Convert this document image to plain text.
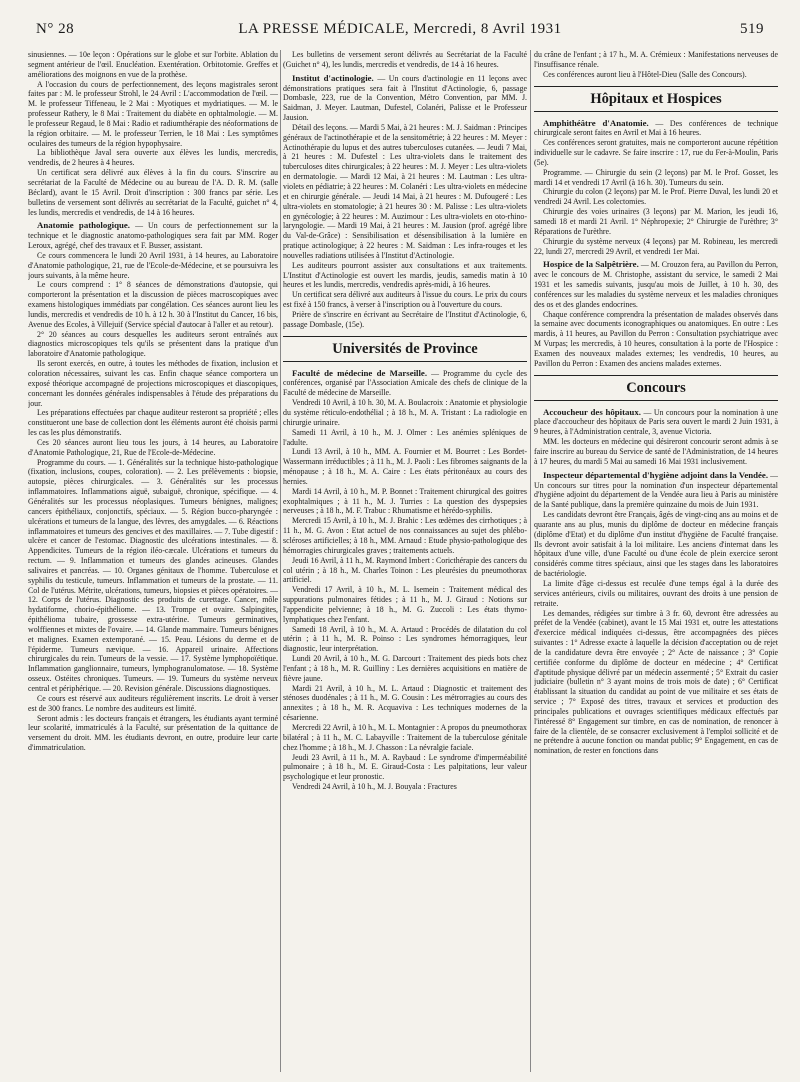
N° 28	LA PRESSE MÉDICALE, Mercredi, 8 Avril 1931	519

sinusiennes. — 10e leçon : Opérations sur le globe et sur l'orbite. Ablation du segment antérieur de l'œil. Enucléation. Exentération. Orbitotomie. Greffes et améliorations des moignons en vue de la prothèse.

A l'occasion du cours de perfectionnement, des leçons magistrales seront faites par : M. le professeur Strohl, le 24 Avril : L'accommodation de l'œil. — M. le professeur Tiffeneau, le 2 Mai : Myotiques et mydriatiques. — M. le professeur Rathery, le 8 Mai : Traitement du diabète en ophtalmologie. — M. le professeur Regaud, le 8 Mai : Radio et radiumthérapie des néoformations de la région orbitaire. — M. le professeur Terrien, le 18 Mai : Les symptômes oculaires des tumeurs de la région hypophysaire.

La bibliothèque Javal sera ouverte aux élèves les lundis, mercredis, vendredis, de 2 heures à 4 heures.

Un certificat sera délivré aux élèves à la fin du cours. S'inscrire au secrétariat de la Faculté de Médecine ou au bureau de l'A. D. R. M. (salle Béclard), avant le 15 Avril. Droit d'inscription : 300 francs par série. Les bulletins de versement sont délivrés au secrétariat de la Faculté, guichet n° 4, les lundis, mercredis et vendredis, de 14 à 16 heures.

Anatomie pathologique. — Un cours de perfectionnement sur la technique et le diagnostic anatomo-pathologiques sera fait par MM. Roger Leroux, agrégé, chef des travaux et F. Busser, assistant.

Ce cours commencera le lundi 20 Avril 1931, à 14 heures, au Laboratoire d'Anatomie pathologique, 21, rue de l'Ecole-de-Médecine, et se poursuivra les jours suivants, à la même heure.

Le cours comprend : 1° 8 séances de démonstrations d'autopsie, qui comporteront la présentation et la discussion de pièces macroscopiques avec examens histologiques immédiats par congélation. Ces séances auront lieu les lundis, mercredis et vendredis de 10 h. à 12 h. 30 à l'Institut du Cancer, 16 bis, Avenue des Ecoles, à Villejuif (Service spécial d'autocar à l'aller et au retour).

2° 20 séances au cours desquelles les auditeurs seront entraînés aux diagnostics microscopiques tels qu'ils se présentent dans la pratique d'un laboratoire d'Anatomie pathologique.

Ils seront exercés, en outre, à toutes les méthodes de fixation, inclusion et coloration nécessaires, suivant les cas. Enfin chaque séance comportera un exposé théorique accompagné de projections microscopiques et diascopiques, concernant les données générales indispensables à l'étude des préparations du jour.

Les préparations effectuées par chaque auditeur resteront sa propriété ; elles constitueront une base de collection dont les éléments auront été choisis parmi les cas les plus démonstratifs.

Ces 20 séances auront lieu tous les jours, à 14 heures, au Laboratoire d'Anatomie Pathologique, 21, Rue de l'Ecole-de-Médecine.

Programme du cours. — 1. Généralités sur la technique histo-pathologique (fixation, inclusions, coupes, coloration). — 2. Les prélèvements : biopsie, autopsie, pièces chirurgicales. — 3. Généralités sur les processus inflammatoires. Inflammations aiguë, subaiguë, chronique, spécifique. — 4. Généralités sur les processus néoplasiques. Tumeurs bénignes, malignes; cancers épithéliaux, conjonctifs, spéciaux. — 5. Région bucco-pharyngée : ulcérations et tumeurs de la langue, des lèvres, des amygdales. — 6. Réactions inflammatoires et tumeurs des gencives et des maxillaires. — 7. Tube digestif : ulcère et cancer de l'estomac. Diagnostic des ulcérations intestinales. — 8. Appendicites. Tumeurs de la région iléo-cæcale. Ulcérations et tumeurs du rectum. — 9. Inflammation et tumeurs des glandes acineuses. Glandes salivaires et pancréas. — 10. Organes génitaux de l'homme. Tuberculose et syphilis du testicule, tumeurs. Inflammation et tumeurs de la prostate. — 11. Col de l'utérus. Métrite, ulcérations, tumeurs, biopsies et pièces opératoires. — 12. Corps de l'utérus. Diagnostic des produits de curettage. Cancer, môle hydatiforme, chorio-épithéliome. — 13. Trompe et ovaire. Salpingites, épithélioma tubaire, grossesse extra-utérine. Tumeurs germinatives, wolffiennes et mixtes de l'ovaire. — 14. Glande mammaire. Tumeurs bénignes et malignes. Examen extemporané. — 15. Peau. Lésions du derme et de l'épiderme. Tumeurs nævique. — 16. Appareil urinaire. Affections chirurgicales du rein. Tumeurs de la vessie. — 17. Système lymphopoïétique. Inflammation ganglionnaire, tumeurs, lymphogranulomatose. — 18. Système osseux. Ostéites chroniques. Tumeurs. — 19. Tumeurs du système nerveux central et périphérique. — 20. Revision générale. Discussions diagnostiques.

Ce cours est réservé aux auditeurs régulièrement inscrits. Le droit à verser est de 300 francs. Le nombre des auditeurs est limité.

Seront admis : les docteurs français et étrangers, les étudiants ayant terminé leur scolarité, immatriculés à la Faculté, sur présentation de la quittance de versement du droit. MM. les étudiants devront, en outre, produire leur carte d'immatriculation.

Les bulletins de versement seront délivrés au Secrétariat de la Faculté (Guichet n° 4), les lundis, mercredis et vendredis, de 14 à 16 heures.

Institut d'actinologie. — Un cours d'actinologie en 11 leçons avec démonstrations pratiques sera fait à l'Institut d'Actinologie, 6, passage Dombasle, 223, rue de la Convention, Métro Convention, par MM. J. Saidman, J. Meyer. Lautman, Dufestel, Colanéri, Palisse et le Professeur Jausion.

Détail des leçons. — Mardi 5 Mai, à 21 heures : M. J. Saidman : Principes généraux de l'actinothérapie et de la sensitométrie; à 22 heures : M. Meyer : Actinothérapie du lupus et des autres tuberculoses cutanées. — Jeudi 7 Mai, à 21 heures : M. Dufestel : Les ultra-violets dans le traitement des tuberculoses dites chirurgicales; à 22 heures : M. J. Meyer : Les ultra-violets en dermatologie. — Mardi 12 Mai, à 21 heures : M. Lautman : Les ultra-violets en pédiatrie; à 22 heures : M. Colanéri : Les ultra-violets en médecine et en chirurgie générale. — Jeudi 14 Mai, à 21 heures : M. Dufougeré : Les ultra-violets en stomatologie; à 21 heures 30 : M. Palisse : Les ultra-violets en gynécologie; à 22 heures : M. Auzimour : Les ultra-violets en oto-rhino-laryngologie. — Mardi 19 Mai, à 21 heures : M. Jausion (prof. agrégé libre du Val-de-Grâce) : Sensibilisation et désensibilisation à la lumière en pratique actinologique; à 22 heures : M. Saidman : Les infra-rouges et les nouvelles radiations utilisées à l'Institut d'Actinologie.

Les auditeurs pourront assister aux consultations et aux traitements. L'Institut d'Actinologie est ouvert les mardis, jeudis, samedis matin à 10 heures et les lundis, mercredis, vendredis après-midi, à 16 heures.

Un certificat sera délivré aux auditeurs à l'issue du cours. Le prix du cours est fixé à 150 francs, à verser à l'inscription ou à l'ouverture du cours.

Prière de s'inscrire en écrivant au Secrétaire de l'Institut d'Actinologie, 6, passage Dombasle, (15e).

Universités de Province

Faculté de médecine de Marseille. — Programme du cycle des conférences, organisé par l'Association Amicale des chefs de clinique de la Faculté de médecine de Marseille.

Vendredi 10 Avril, à 10 h. 30, M. A. Boulacroix : Anatomie et physiologie du système réticulo-endothélial ; à 18 h., M. A. Tristant : La radiologie en chirurgie urinaire.

Samedi 11 Avril, à 10 h., M. J. Olmer : Les anémies spléniques de l'adulte.

Lundi 13 Avril, à 10 h., MM. A. Fournier et M. Bourret : Les Bordet-Wassermann irréductibles ; à 11 h., M. J. Paoli : Les fibromes saignants de la ménopause ; à 18 h., M. A. Caire : Les états péritonéaux au cours des hernies.

Mardi 14 Avril, à 10 h., M. P. Bonnet : Traitement chirurgical des goitres exophtalmiques ; à 11 h., M. J. Turries : La question des dyspepsies nerveuses ; à 18 h., M. F. Trabuc : Rhumatisme et hérédo-syphilis.

Mercredi 15 Avril, à 10 h., M. J. Brahic : Les œdèmes des cirrhotiques ; à 11 h., M. G. Avon : Etat actuel de nos connaissances au sujet des phlébo-scléroses artificielles; à 18 h., MM. Arnaud : Etude physio-pathologique des hémorragies chirurgicales graves ; traitements actuels.

Jeudi 16 Avril, à 11 h., M. Raymond Imbert : Coricthérapie des cancers du col utérin ; à 18 h., M. Charles Toinon : Les pleurésies du pneumothorax artificiel.

Vendredi 17 Avril, à 10 h., M. L. Isemein : Traitement médical des suppurations pulmonaires fétides ; à 11 h., M. J. Giraud : Notions sur l'appendicite pelvienne; à 18 h., M. G. Zuccoli : Les états thymo-lymphatiques chez l'enfant.

Samedi 18 Avril, à 10 h., M. A. Artaud : Procédés de dilatation du col utérin ; à 11 h., M. R. Poinso : Les syndromes hémorragiques, leur diagnostic, leur interprétation.

Lundi 20 Avril, à 10 h., M. G. Darcourt : Traitement des pieds bots chez l'enfant ; à 18 h., M. R. Guilliny : Les dernières acquisitions en matière de fièvre jaune.

Mardi 21 Avril, à 10 h., M. L. Artaud : Diagnostic et traitement des sténoses duodénales ; à 11 h., M. G. Cousin : Les métrorragies au cours des annexites ; à 18 h., M. R. Acquaviva : Les techniques modernes de la césarienne.

Mercredi 22 Avril, à 10 h., M. L. Montagnier : A propos du pneumothorax bilatéral ; à 11 h., M. C. Labayville : Traitement de la tuberculose génitale chez l'homme ; à 18 h., M. J. Chasson : La névralgie faciale.

Jeudi 23 Avril, à 11 h., M. A. Raybaud : Le syndrome d'imperméabilité pulmonaire ; à 18 h., M. E. Giraud-Costa : Les palpitations, leur valeur psychologique et leur pronostic.

Vendredi 24 Avril, à 10 h., M. J. Bouyala : Fractures

du crâne de l'enfant ; à 17 h., M. A. Crémieux : Manifestations nerveuses de l'insuffisance rénale.

Ces conférences auront lieu à l'Hôtel-Dieu (Salle des Concours).

Hôpitaux et Hospices

Amphithéâtre d'Anatomie. — Des conférences de technique chirurgicale seront faites en Avril et Mai à 16 heures.

Ces conférences seront gratuites, mais ne comporteront aucune répétition individuelle sur le cadavre. Se faire inscrire : 17, rue du Fer-à-Moulin, Paris (5e).

Programme. — Chirurgie du sein (2 leçons) par M. le Prof. Gosset, les mardi 14 et vendredi 17 Avril (à 16 h. 30). Tumeurs du sein.

Chirurgie du colon (2 leçons) par M. le Prof. Pierre Duval, les lundi 20 et vendredi 24 Avril. Les colectomies.

Chirurgie des voies urinaires (3 leçons) par M. Marion, les jeudi 16, samedi 18 et mardi 21 Avril. 1° Néphropexie; 2° Chirurgie de l'urèthre; 3° Réparations de l'urèthre.

Chirurgie du système nerveux (4 leçons) par M. Robineau, les mercredi 22, lundi 27, mercredi 29 Avril, et vendredi 1er Mai.

Hospice de la Salpêtrière. — M. Crouzon fera, au Pavillon du Perron, avec le concours de M. Christophe, assistant du service, le samedi 2 Mai 1931 et les samedis suivants, jusqu'au mois de Juillet, à 10 h. 30, des conférences sur les maladies du système nerveux et les maladies chroniques des os et des glandes endocrines.

Chaque conférence comprendra la présentation de malades observés dans la semaine avec documents iconographiques ou anatomiques. En outre : Les mardis, à 11 heures, au Pavillon du Perron : Consultation psychiatrique avec M Vurpas; les mercredis, à 10 heures, consultation à la porte de l'Hospice : Examen des nouveaux malades externes; les vendredis, 10 heures, au Pavillon du Perron : Examen des anciens malades externes.

Concours

Accoucheur des hôpitaux. — Un concours pour la nomination à une place d'accoucheur des hôpitaux de Paris sera ouvert le mardi 2 Juin 1931, à 9 heures, à l'Administration centrale, 3, avenue Victoria.

MM. les docteurs en médecine qui désireront concourir seront admis à se faire inscrire au bureau du Service de santé de l'Administration, de 14 heures à 17 heures, du mardi 5 Mai au samedi 16 Mai 1931 inclusivement.

Inspecteur départemental d'hygiène adjoint dans la Vendée. — Un concours sur titres pour la nomination d'un inspecteur départemental d'hygiène adjoint du département de la Vendée aura lieu à Paris au ministère de la Santé publique, dans la première quinzaine du mois de Juin 1931.

Les candidats devront être Français, âgés de vingt-cinq ans au moins et de quarante ans au plus, munis du diplôme de docteur en médecine français (diplôme d'Etat) et du diplôme d'un institut d'hygiène de Faculté française. Ils devront avoir satisfait à la loi militaire. Les anciens d'internat dans les hôpitaux d'une ville, d'une Faculté ou d'une école de plein exercice seront considérés comme titres spéciaux, ainsi que les stages dans les laboratoires de bactériologie.

La limite d'âge ci-dessus est reculée d'une temps égal à la durée des services antérieurs, civils ou militaires, ouvrant des droits à une pension de retraite.

Les demandes, rédigées sur timbre à 3 fr. 60, devront être adressées au préfet de la Vendée (cabinet), avant le 15 Mai 1931 et, outre les attestations d'exercice médical indiquées ci-dessus, être accompagnées des pièces suivantes : 1° Adresse exacte à laquelle la décision d'acceptation ou de rejet de la candidature devra être envoyée ; 2° Acte de naissance ; 3° Copie certifiée conforme du diplôme de docteur en médecine ; 4° Certificat d'aptitude physique délivré par un médecin assermenté ; 5° Extrait du casier judiciaire (bulletin n° 3 ayant moins de trois mois de date) ; 6° Certificat établissant la situation du candidat au point de vue militaire et ses états de service ; 7° Exposé des titres, travaux et services et production des principales publications et ouvrages scientifiques médicaux effectués par l'intéressé 8° Engagement sur timbre, en cas de nomination, de renoncer à faire de la clientèle, de se consacrer exclusivement à l'emploi sollicité et de ne prétendre à aucune fonction ou mandat public; 9° Engagement, en cas de nomination, de rester en fonctions dans
